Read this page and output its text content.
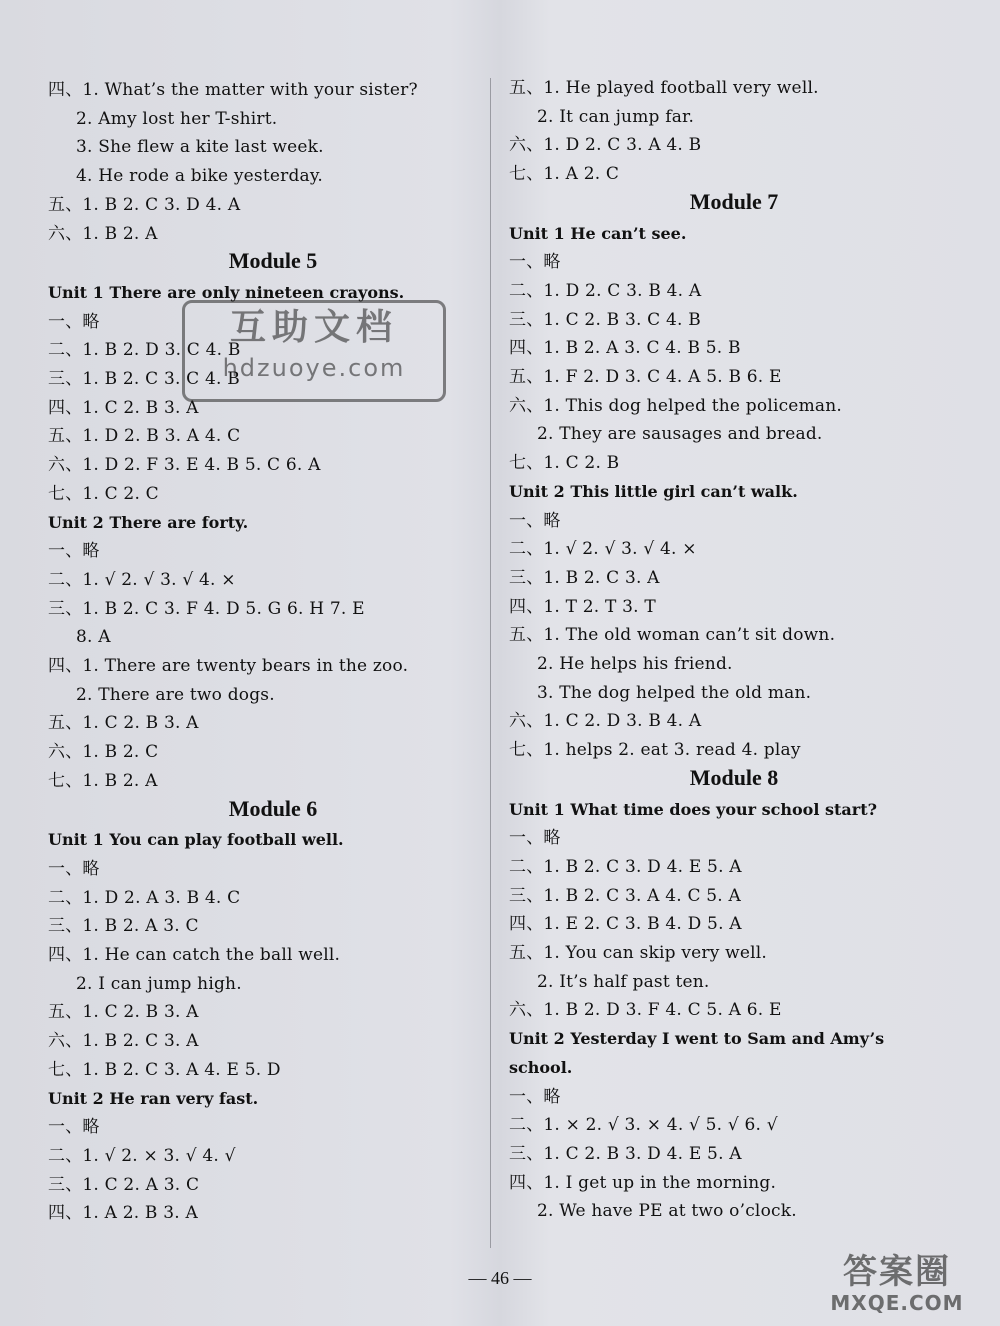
四、1. What’s the matter with your sister?
2. Amy lost her T-shirt.
3. She flew a kite last week.
4. He rode a bike yesterday.
五、1. B 2. C 3. D 4. A
六、1. B 2. A
Module 5
Unit 1 There are only nineteen crayons.
一、略
二、1. B 2. D 3. C 4. B
三、1. B 2. C 3. C 4. B
四、1. C 2. B 3. A
五、1. D 2. B 3. A 4. C
六、1. D 2. F 3. E 4. B 5. C 6. A
七、1. C 2. C
Unit 2 There are forty.
一、略
二、1. √ 2. √ 3. √ 4. ×
三、1. B 2. C 3. F 4. D 5. G 6. H 7. E
8. A
四、1. There are twenty bears in the zoo.
2. There are two dogs.
五、1. C 2. B 3. A
六、1. B 2. C
七、1. B 2. A
Module 6
Unit 1 You can play football well.
一、略
二、1. D 2. A 3. B 4. C
三、1. B 2. A 3. C
四、1. He can catch the ball well.
2. I can jump high.
五、1. C 2. B 3. A
六、1. B 2. C 3. A
七、1. B 2. C 3. A 4. E 5. D
Unit 2 He ran very fast.
一、略
二、1. √ 2. × 3. √ 4. √
三、1. C 2. A 3. C
四、1. A 2. B 3. A
五、1. He played football very well.
2. It can jump far.
六、1. D 2. C 3. A 4. B
七、1. A 2. C
Module 7
Unit 1 He can’t see.
一、略
二、1. D 2. C 3. B 4. A
三、1. C 2. B 3. C 4. B
四、1. B 2. A 3. C 4. B 5. B
五、1. F 2. D 3. C 4. A 5. B 6. E
六、1. This dog helped the policeman.
2. They are sausages and bread.
七、1. C 2. B
Unit 2 This little girl can’t walk.
一、略
二、1. √ 2. √ 3. √ 4. ×
三、1. B 2. C 3. A
四、1. T 2. T 3. T
五、1. The old woman can’t sit down.
2. He helps his friend.
3. The dog helped the old man.
六、1. C 2. D 3. B 4. A
七、1. helps 2. eat 3. read 4. play
Module 8
Unit 1 What time does your school start?
一、略
二、1. B 2. C 3. D 4. E 5. A
三、1. B 2. C 3. A 4. C 5. A
四、1. E 2. C 3. B 4. D 5. A
五、1. You can skip very well.
2. It’s half past ten.
六、1. B 2. D 3. F 4. C 5. A 6. E
Unit 2 Yesterday I went to Sam and Amy’s
school.
一、略
二、1. × 2. √ 3. × 4. √ 5. √ 6. √
三、1. C 2. B 3. D 4. E 5. A
四、1. I get up in the morning.
2. We have PE at two o’clock.
互助文档
hdzuoye.com
— 46 —	答案圈
MXQE.COM
